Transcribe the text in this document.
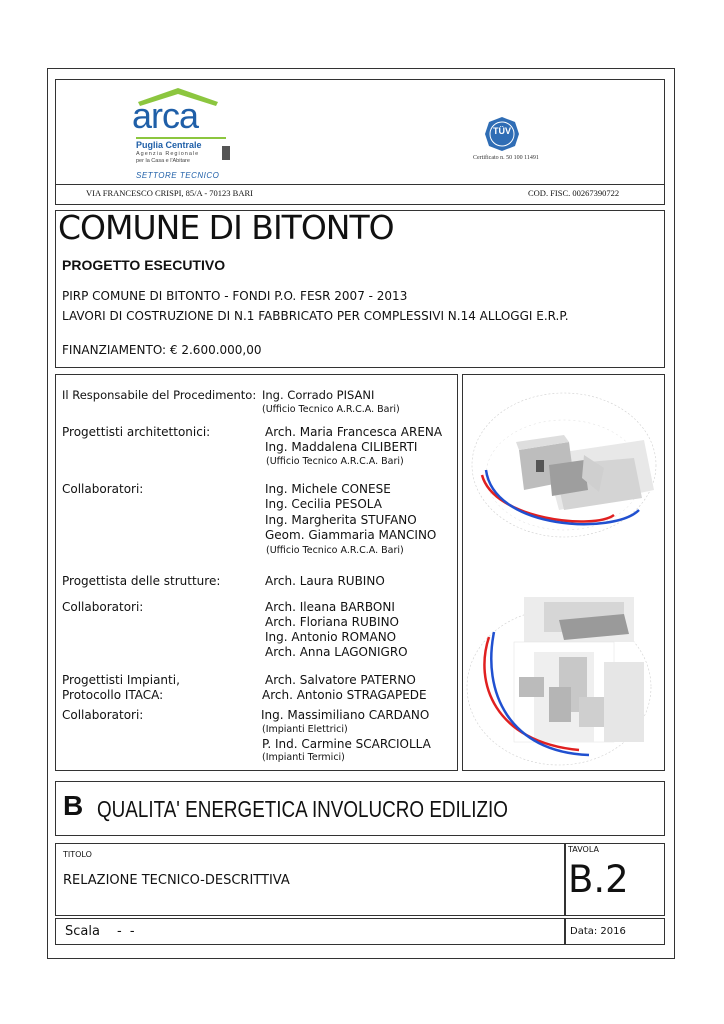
arca
Puglia Centrale
Agenzia Regionale
per la Casa e l'Abitare
SETTORE TECNICO
TÜV
Certificato n. 50 100 11491
VIA FRANCESCO CRISPI, 85/A - 70123 BARI	COD. FISC. 00267390722
COMUNE DI BITONTO
PROGETTO ESECUTIVO
PIRP COMUNE DI BITONTO - FONDI P.O. FESR 2007 - 2013
LAVORI DI COSTRUZIONE DI N.1 FABBRICATO PER COMPLESSIVI N.14 ALLOGGI E.R.P.
FINANZIAMENTO: € 2.600.000,00
Il Responsabile del Procedimento: Ing. Corrado PISANI
(Ufficio Tecnico A.R.C.A. Bari)
Progettisti architettonici:	Arch. Maria Francesca ARENA
Ing. Maddalena CILIBERTI
(Ufficio Tecnico A.R.C.A. Bari)
Collaboratori:	Ing. Michele CONESE
Ing. Cecilia PESOLA
Ing. Margherita STUFANO
Geom. Giammaria MANCINO
(Ufficio Tecnico A.R.C.A. Bari)
Progettista delle strutture:	Arch. Laura RUBINO
Collaboratori:	Arch. Ileana BARBONI
Arch. Floriana RUBINO
Ing. Antonio ROMANO
Arch. Anna LAGONIGRO
Progettisti Impianti,	Arch. Salvatore PATERNO
Protocollo ITACA:	Arch. Antonio STRAGAPEDE
Collaboratori:	Ing. Massimiliano CARDANO
(Impianti Elettrici)
P. Ind. Carmine SCARCIOLLA
(Impianti Termici)
B QUALITA' ENERGETICA INVOLUCRO EDILIZIO
TITOLO
RELAZIONE TECNICO-DESCRITTIVA
TAVOLA
B.2
Scala - -	Data: 2016
